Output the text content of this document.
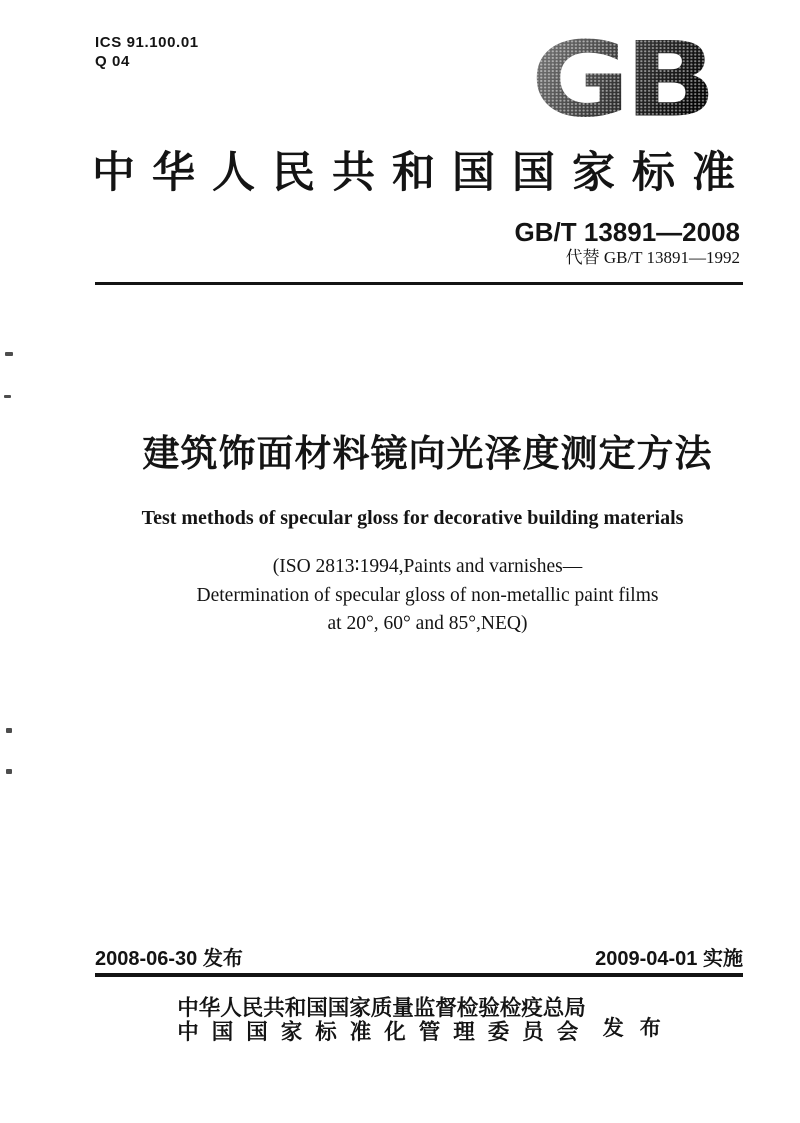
ICS 91.100.01
Q 04	GB
中华人民共和国国家标准
GB/T 13891—2008
代替 GB/T 13891—1992
建筑饰面材料镜向光泽度测定方法
Test methods of specular gloss for decorative building materials
(ISO 2813∶1994,Paints and varnishes—
Determination of specular gloss of non-metallic paint films
at 20°, 60° and 85°,NEQ)
2008-06-30 发布	2009-04-01 实施
中华人民共和国国家质量监督检验检疫总局
中国国家标准化管理委员会 发布
